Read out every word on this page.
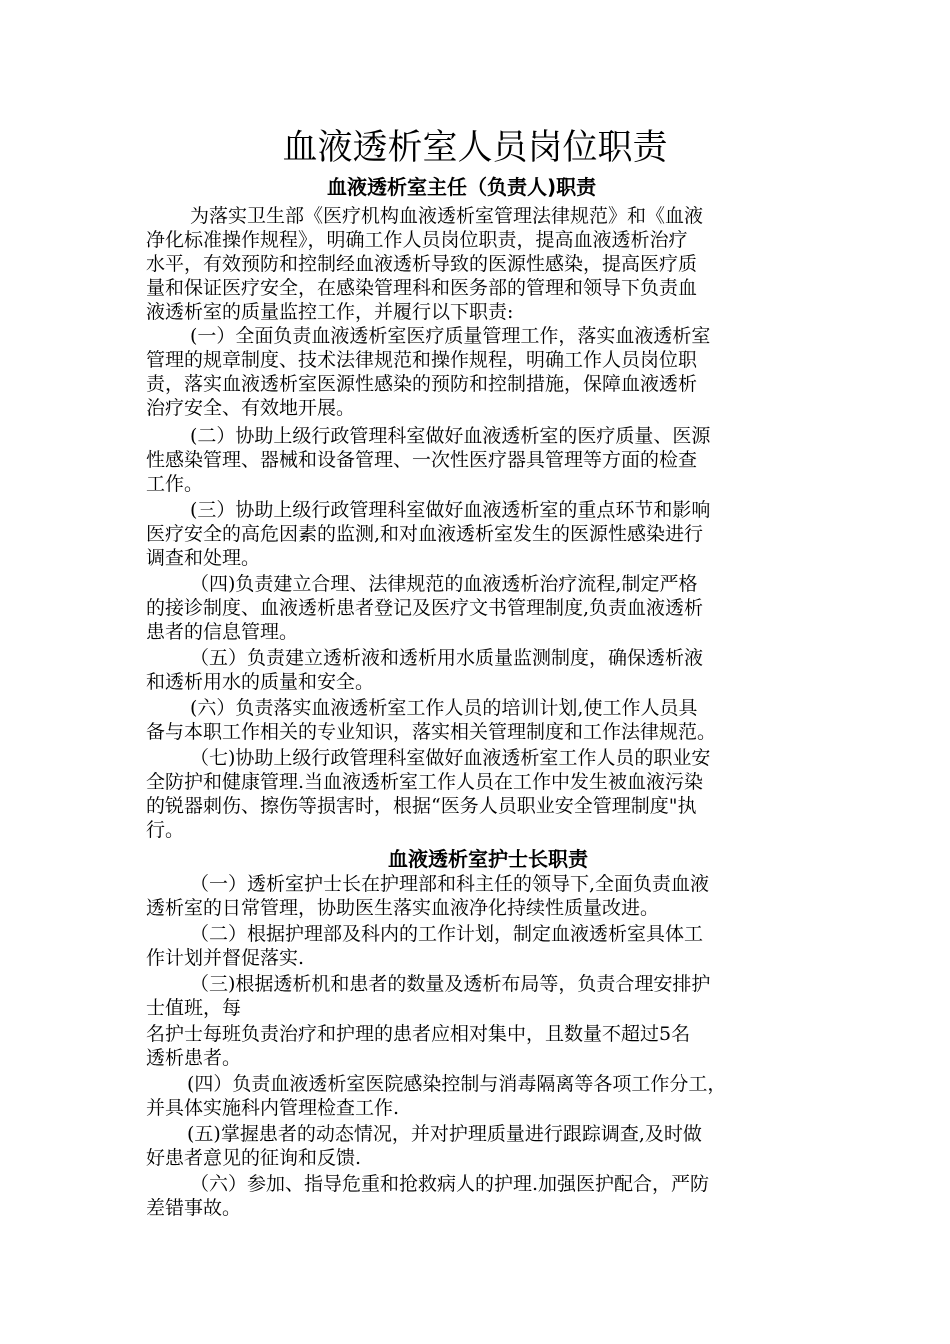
血液透析室人员岗位职责
血液透析室主任（负责人)职责

为落实卫生部《医疗机构血液透析室管理法律规范》和《血液

净化标准操作规程》，明确工作人员岗位职责，提高血液透析治疗

水平，有效预防和控制经血液透析导致的医源性感染，提高医疗质

量和保证医疗安全，在感染管理科和医务部的管理和领导下负责血

液透析室的质量监控工作，并履行以下职责:

(一）全面负责血液透析室医疗质量管理工作，落实血液透析室

管理的规章制度、技术法律规范和操作规程，明确工作人员岗位职

责，落实血液透析室医源性感染的预防和控制措施，保障血液透析

治疗安全、有效地开展。

(二）协助上级行政管理科室做好血液透析室的医疗质量、医源

性感染管理、器械和设备管理、一次性医疗器具管理等方面的检查

工作。

(三）协助上级行政管理科室做好血液透析室的重点环节和影响

医疗安全的高危因素的监测,和对血液透析室发生的医源性感染进行

调查和处理。

（四)负责建立合理、法律规范的血液透析治疗流程,制定严格

的接诊制度、血液透析患者登记及医疗文书管理制度,负责血液透析

患者的信息管理。

（五）负责建立透析液和透析用水质量监测制度，确保透析液

和透析用水的质量和安全。

(六）负责落实血液透析室工作人员的培训计划,使工作人员具

备与本职工作相关的专业知识，落实相关管理制度和工作法律规范。

（七)协助上级行政管理科室做好血液透析室工作人员的职业安

全防护和健康管理.当血液透析室工作人员在工作中发生被血液污染

的锐器刺伤、擦伤等损害时，根据“医务人员职业安全管理制度"执

行。

血液透析室护士长职责

（一）透析室护士长在护理部和科主任的领导下,全面负责血液

透析室的日常管理，协助医生落实血液净化持续性质量改进。

（二）根据护理部及科内的工作计划，制定血液透析室具体工

作计划并督促落实.

（三)根据透析机和患者的数量及透析布局等，负责合理安排护

士值班，每

名护士每班负责治疗和护理的患者应相对集中，且数量不超过5名

透析患者。

(四）负责血液透析室医院感染控制与消毒隔离等各项工作分工，

并具体实施科内管理检查工作.

(五)掌握患者的动态情况，并对护理质量进行跟踪调查,及时做

好患者意见的征询和反馈.

（六）参加、指导危重和抢救病人的护理.加强医护配合，严防

差错事故。
